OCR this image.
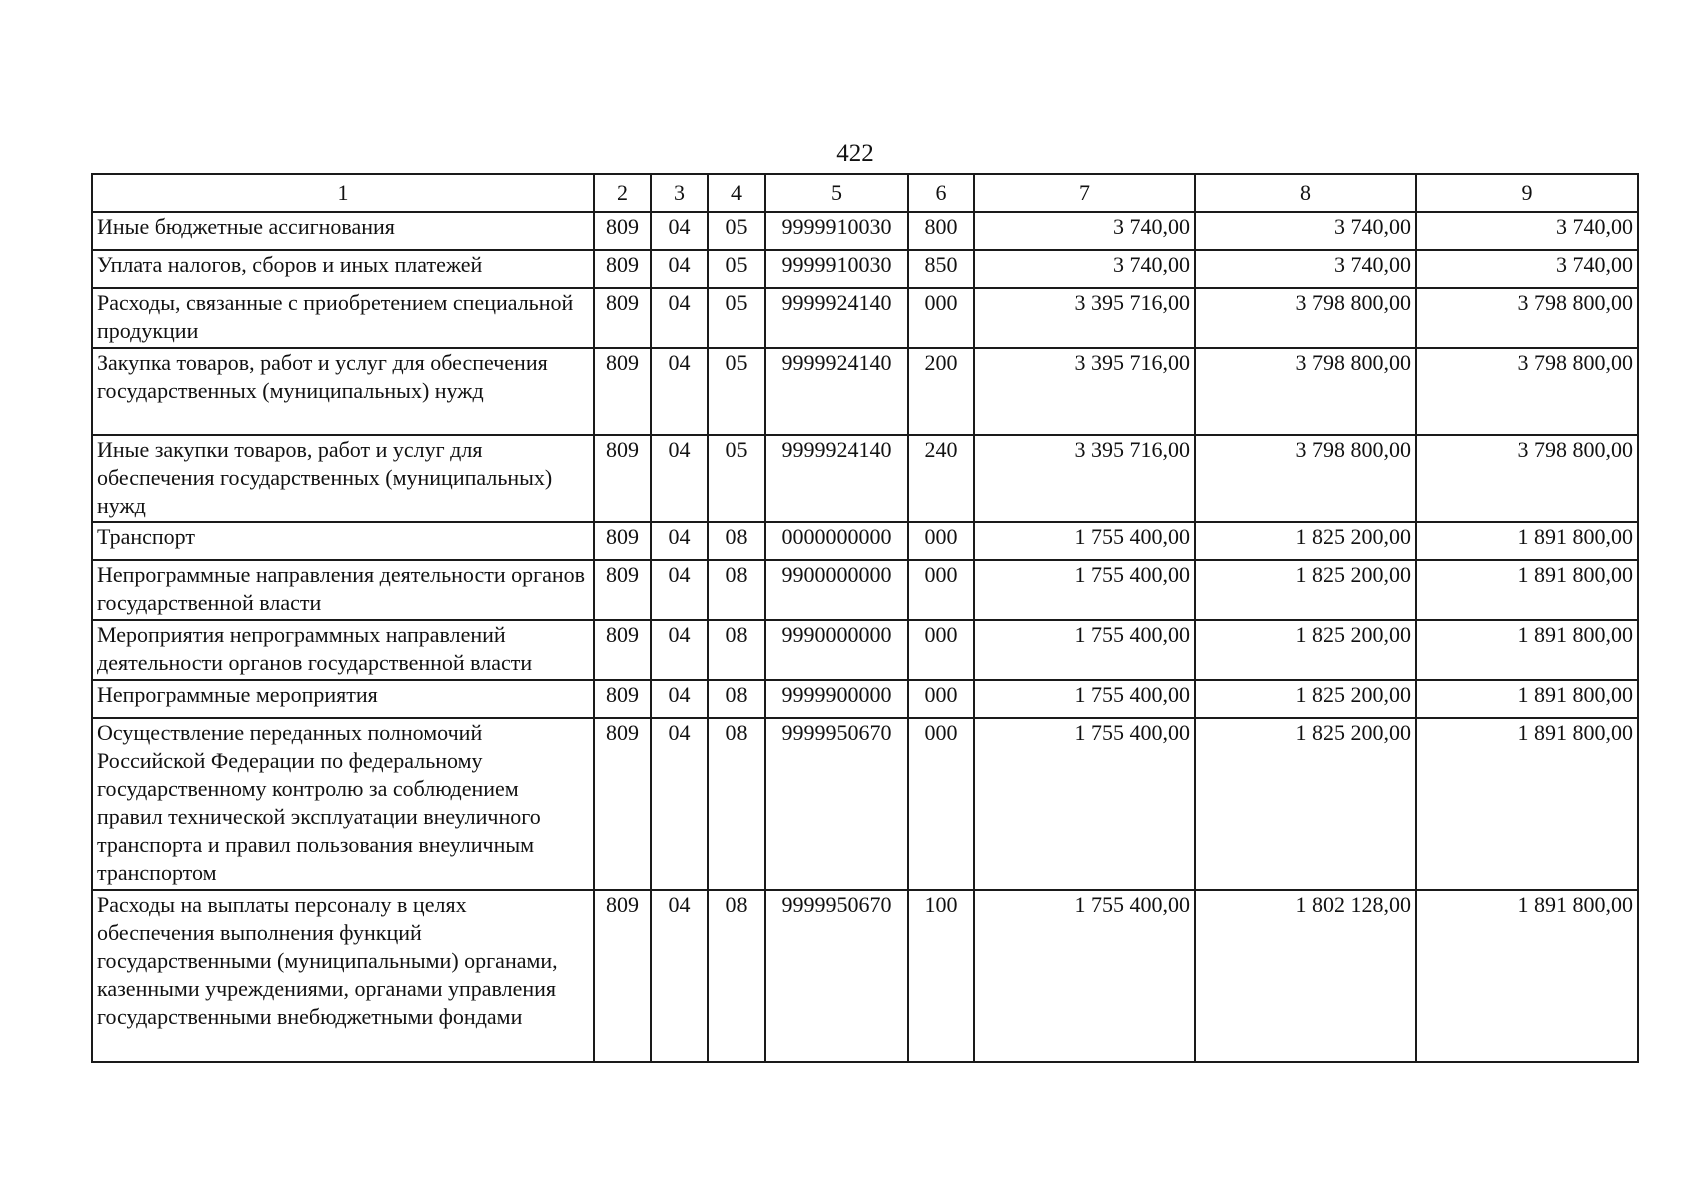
422
1	2	3	4	5	6	7	8	9
Иные бюджетные ассигнования	809	04	05	9999910030	800	3 740,00	3 740,00	3 740,00
Уплата налогов, сборов и иных платежей	809	04	05	9999910030	850	3 740,00	3 740,00	3 740,00
Расходы, связанные с приобретением специальной продукции	809	04	05	9999924140	000	3 395 716,00	3 798 800,00	3 798 800,00
Закупка товаров, работ и услуг для обеспечения государственных (муниципальных) нужд	809	04	05	9999924140	200	3 395 716,00	3 798 800,00	3 798 800,00
Иные закупки товаров, работ и услуг для обеспечения государственных (муниципальных) нужд	809	04	05	9999924140	240	3 395 716,00	3 798 800,00	3 798 800,00
Транспорт	809	04	08	0000000000	000	1 755 400,00	1 825 200,00	1 891 800,00
Непрограммные направления деятельности органов государственной власти	809	04	08	9900000000	000	1 755 400,00	1 825 200,00	1 891 800,00
Мероприятия непрограммных направлений деятельности органов государственной власти	809	04	08	9990000000	000	1 755 400,00	1 825 200,00	1 891 800,00
Непрограммные мероприятия	809	04	08	9999900000	000	1 755 400,00	1 825 200,00	1 891 800,00
Осуществление переданных полномочий Российской Федерации по федеральному государственному контролю за соблюдением правил технической эксплуатации внеуличного транспорта и правил пользования внеуличным транспортом	809	04	08	9999950670	000	1 755 400,00	1 825 200,00	1 891 800,00
Расходы на выплаты персоналу в целях обеспечения выполнения функций государственными (муниципальными) органами, казенными учреждениями, органами управления государственными внебюджетными фондами	809	04	08	9999950670	100	1 755 400,00	1 802 128,00	1 891 800,00
